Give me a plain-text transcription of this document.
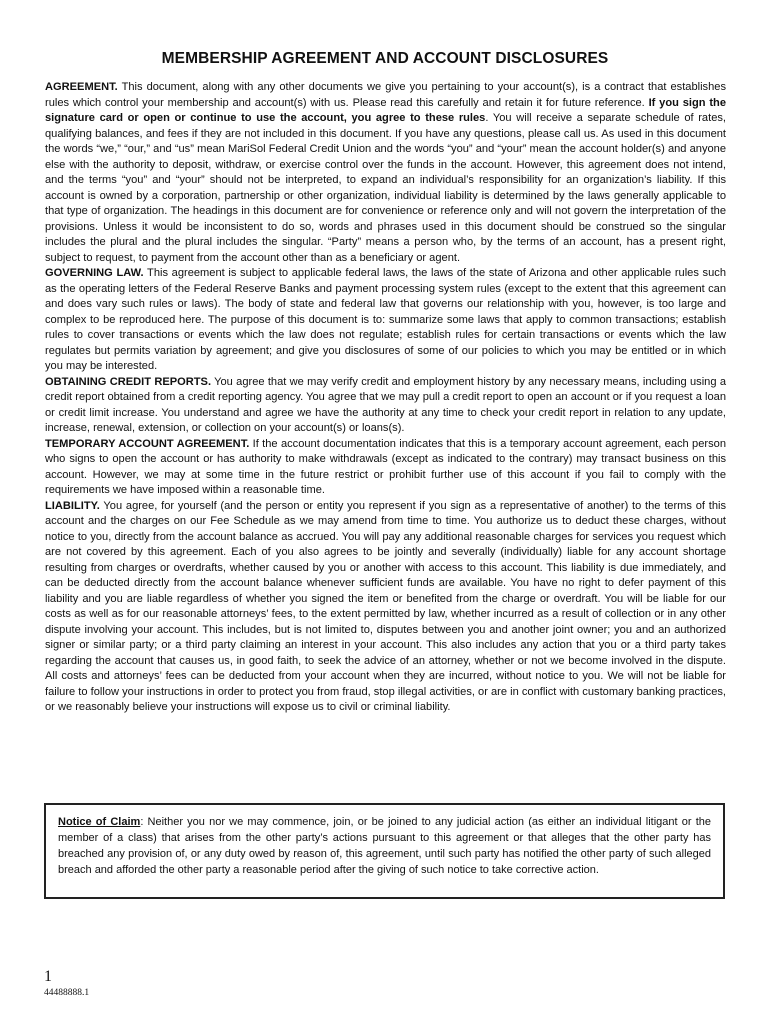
MEMBERSHIP AGREEMENT AND ACCOUNT DISCLOSURES

AGREEMENT. This document, along with any other documents we give you pertaining to your account(s), is a contract that establishes rules which control your membership and account(s) with us. Please read this carefully and retain it for future reference. If you sign the signature card or open or continue to use the account, you agree to these rules. You will receive a separate schedule of rates, qualifying balances, and fees if they are not included in this document. If you have any questions, please call us. As used in this document the words “we,” “our,” and “us” mean MariSol Federal Credit Union and the words “you” and “your” mean the account holder(s) and anyone else with the authority to deposit, withdraw, or exercise control over the funds in the account. However, this agreement does not intend, and the terms “you” and “your” should not be interpreted, to expand an individual’s responsibility for an organization’s liability. If this account is owned by a corporation, partnership or other organization, individual liability is determined by the laws generally applicable to that type of organization. The headings in this document are for convenience or reference only and will not govern the interpretation of the provisions. Unless it would be inconsistent to do so, words and phrases used in this document should be construed so the singular includes the plural and the plural includes the singular. “Party” means a person who, by the terms of an account, has a present right, subject to request, to payment from the account other than as a beneficiary or agent.

GOVERNING LAW. This agreement is subject to applicable federal laws, the laws of the state of Arizona and other applicable rules such as the operating letters of the Federal Reserve Banks and payment processing system rules (except to the extent that this agreement can and does vary such rules or laws). The body of state and federal law that governs our relationship with you, however, is too large and complex to be reproduced here. The purpose of this document is to: summarize some laws that apply to common transactions; establish rules to cover transactions or events which the law does not regulate; establish rules for certain transactions or events which the law regulates but permits variation by agreement; and give you disclosures of some of our policies to which you may be entitled or in which you may be interested.

OBTAINING CREDIT REPORTS. You agree that we may verify credit and employment history by any necessary means, including using a credit report obtained from a credit reporting agency. You agree that we may pull a credit report to open an account or if you request a loan or credit limit increase. You understand and agree we have the authority at any time to check your credit report in relation to any update, increase, renewal, extension, or collection on your account(s) or loans(s).

TEMPORARY ACCOUNT AGREEMENT. If the account documentation indicates that this is a temporary account agreement, each person who signs to open the account or has authority to make withdrawals (except as indicated to the contrary) may transact business on this account. However, we may at some time in the future restrict or prohibit further use of this account if you fail to comply with the requirements we have imposed within a reasonable time.

LIABILITY. You agree, for yourself (and the person or entity you represent if you sign as a representative of another) to the terms of this account and the charges on our Fee Schedule as we may amend from time to time. You authorize us to deduct these charges, without notice to you, directly from the account balance as accrued. You will pay any additional reasonable charges for services you request which are not covered by this agreement. Each of you also agrees to be jointly and severally (individually) liable for any account shortage resulting from charges or overdrafts, whether caused by you or another with access to this account. This liability is due immediately, and can be deducted directly from the account balance whenever sufficient funds are available. You have no right to defer payment of this liability and you are liable regardless of whether you signed the item or benefited from the charge or overdraft. You will be liable for our costs as well as for our reasonable attorneys’ fees, to the extent permitted by law, whether incurred as a result of collection or in any other dispute involving your account. This includes, but is not limited to, disputes between you and another joint owner; you and an authorized signer or similar party; or a third party claiming an interest in your account. This also includes any action that you or a third party takes regarding the account that causes us, in good faith, to seek the advice of an attorney, whether or not we become involved in the dispute. All costs and attorneys’ fees can be deducted from your account when they are incurred, without notice to you. We will not be liable for failure to follow your instructions in order to protect you from fraud, stop illegal activities, or are in conflict with customary banking practices, or we reasonably believe your instructions will expose us to civil or criminal liability.

Notice of Claim: Neither you nor we may commence, join, or be joined to any judicial action (as either an individual litigant or the member of a class) that arises from the other party’s actions pursuant to this agreement or that alleges that the other party has breached any provision of, or any duty owed by reason of, this agreement, until such party has notified the other party of such alleged breach and afforded the other party a reasonable period after the giving of such notice to take corrective action.
1
44488888.1
